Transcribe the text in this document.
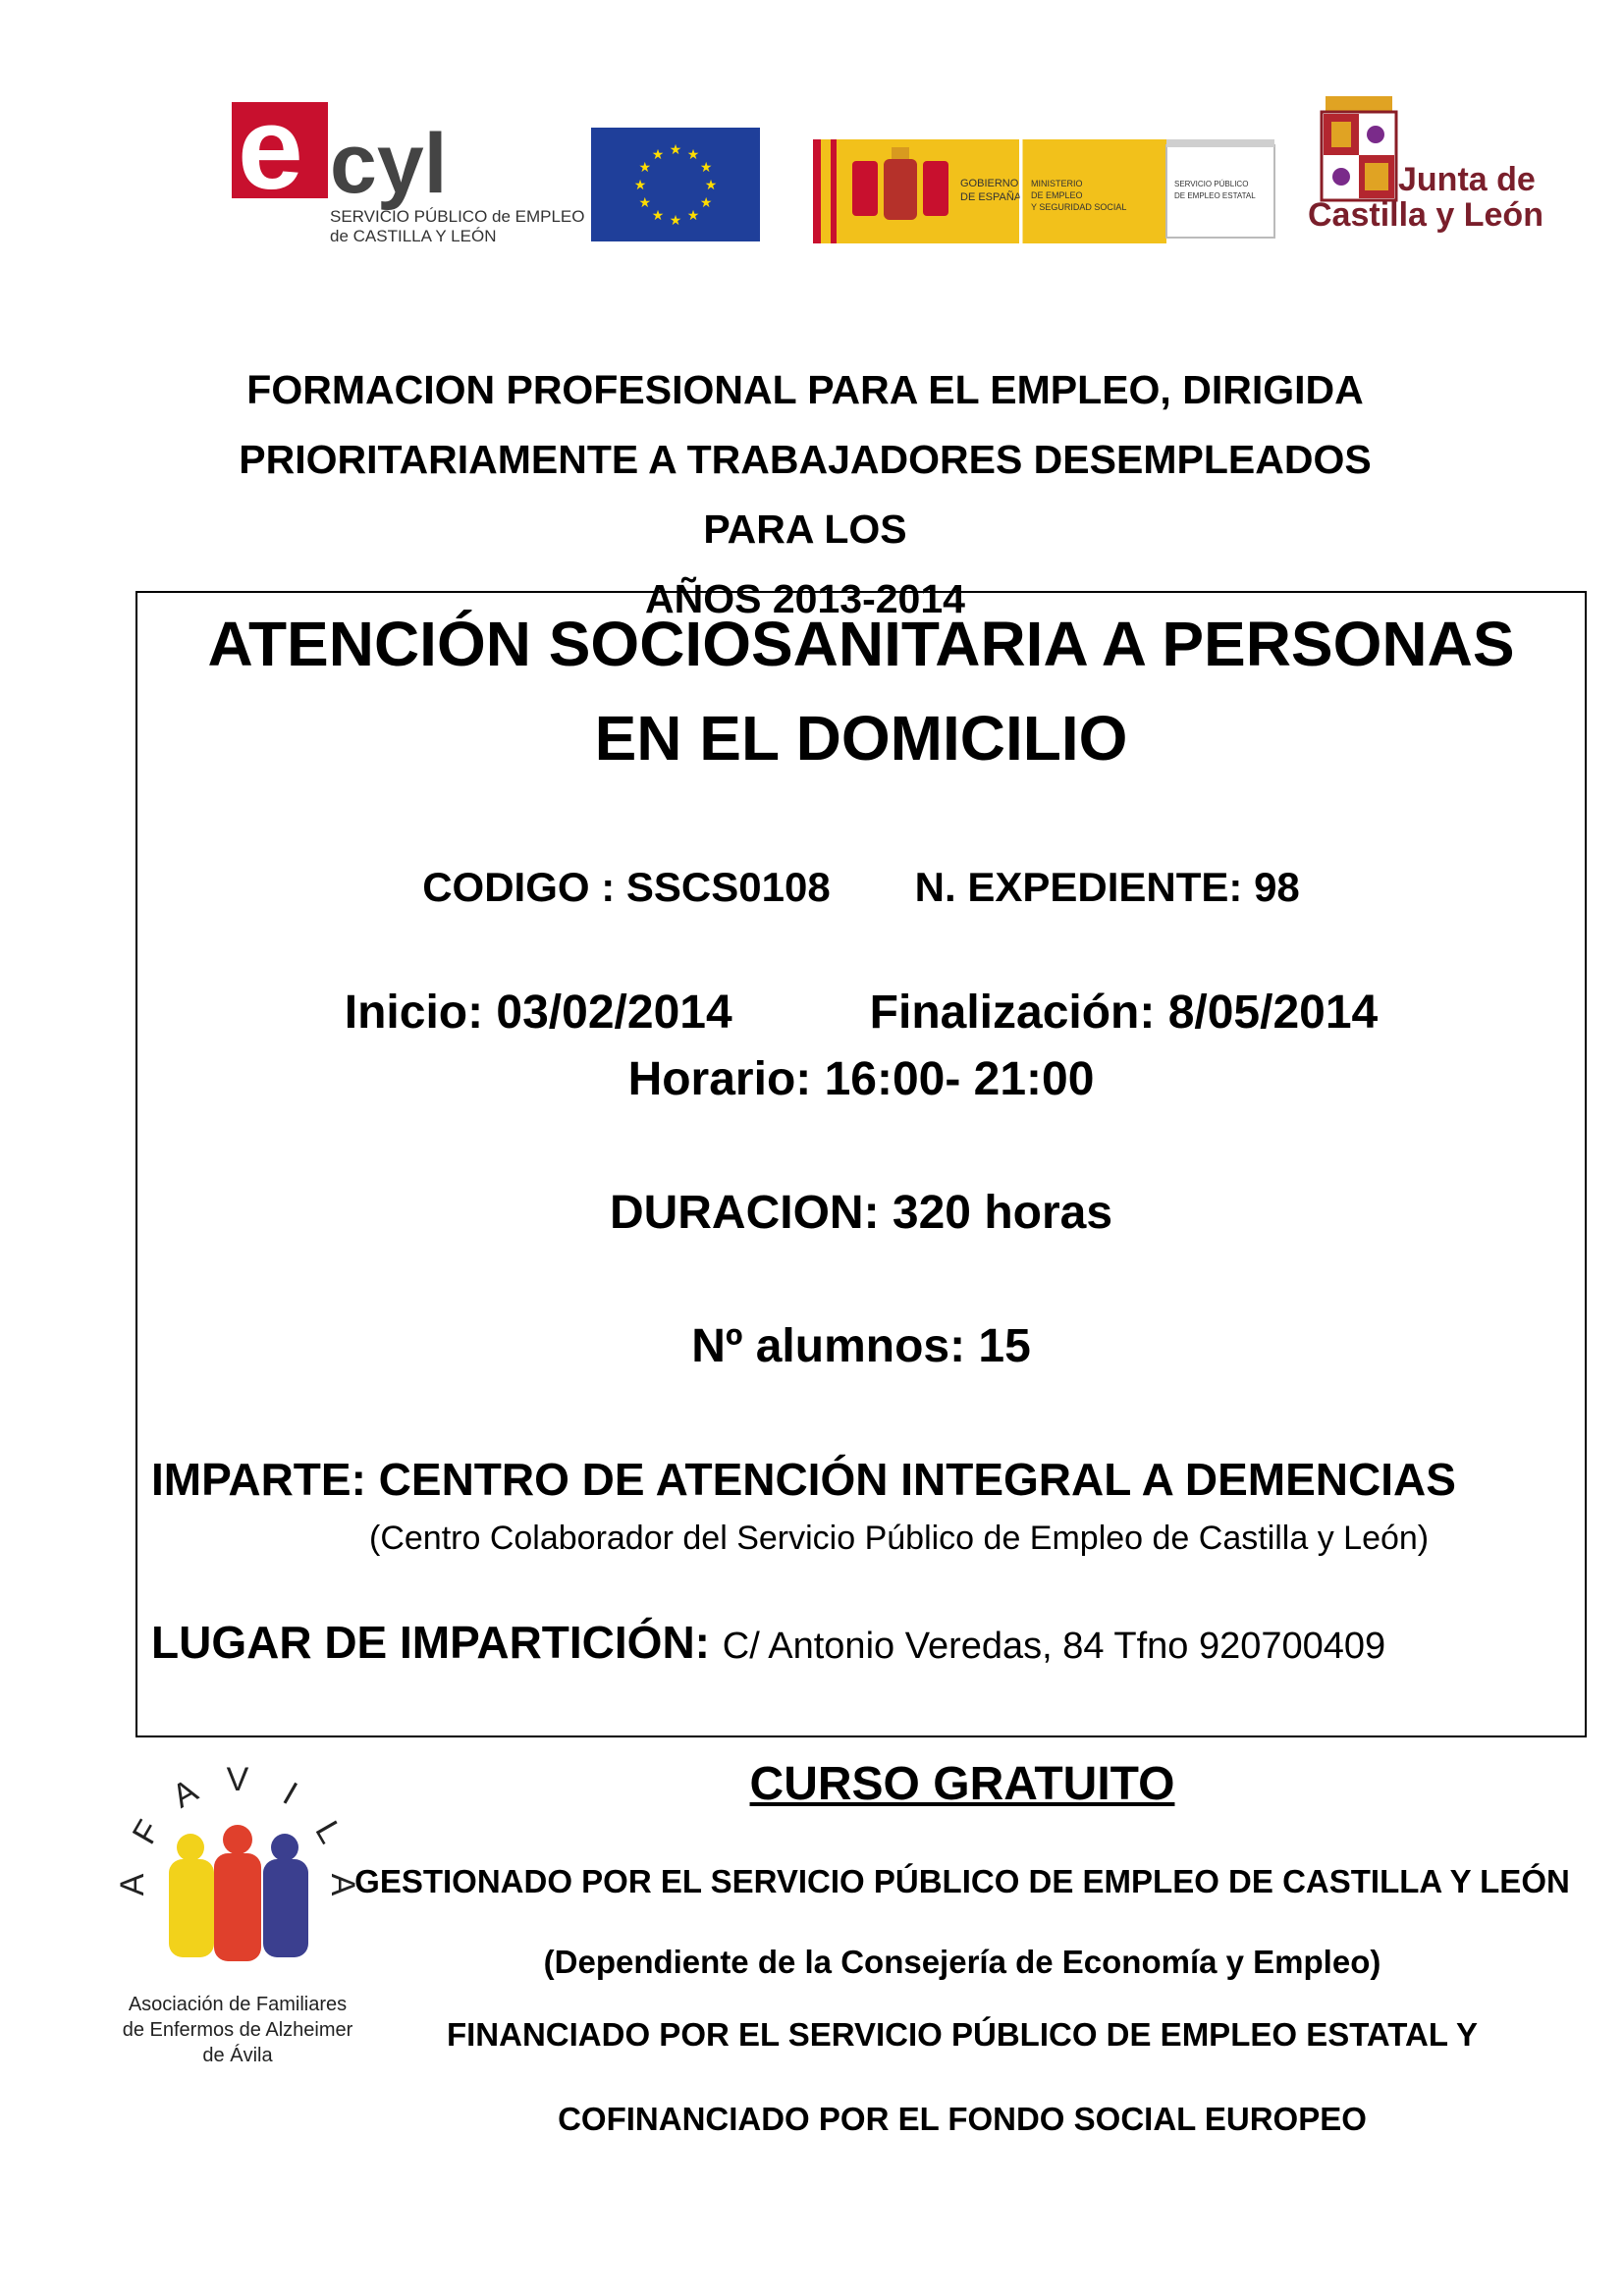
e cyl
SERVICIO PÚBLICO de EMPLEO
de CASTILLA Y LEÓN
★
★
★
★
★
★
★
★
★ ★ ★
★
GOBIERNO
DE ESPAÑA
MINISTERIO
DE EMPLEO
Y SEGURIDAD SOCIAL
SERVICIO PÚBLICO
DE EMPLEO ESTATAL	Junta de
Castilla y León
FORMACION PROFESIONAL PARA EL EMPLEO, DIRIGIDA
PRIORITARIAMENTE A TRABAJADORES DESEMPLEADOS PARA LOS
AÑOS 2013-2014
ATENCIÓN SOCIOSANITARIA A PERSONAS
EN EL DOMICILIO
CODIGO : SSCS0108 N. EXPEDIENTE: 98
Inicio: 03/02/2014	Finalización: 8/05/2014
Horario: 16:00- 21:00
DURACION: 320 horas
Nº alumnos: 15
IMPARTE: CENTRO DE ATENCIÓN INTEGRAL A DEMENCIAS
(Centro Colaborador del Servicio Público de Empleo de Castilla y León)
LUGAR DE IMPARTICIÓN: C/ Antonio Veredas, 84 Tfno 920700409
A
F
A V I
L
A
Asociación de Familiares
de Enfermos de Alzheimer
de Ávila
CURSO GRATUITO
GESTIONADO POR EL SERVICIO PÚBLICO DE EMPLEO DE CASTILLA Y LEÓN
(Dependiente de la Consejería de Economía y Empleo)
FINANCIADO POR EL SERVICIO PÚBLICO DE EMPLEO ESTATAL Y
COFINANCIADO POR EL FONDO SOCIAL EUROPEO
